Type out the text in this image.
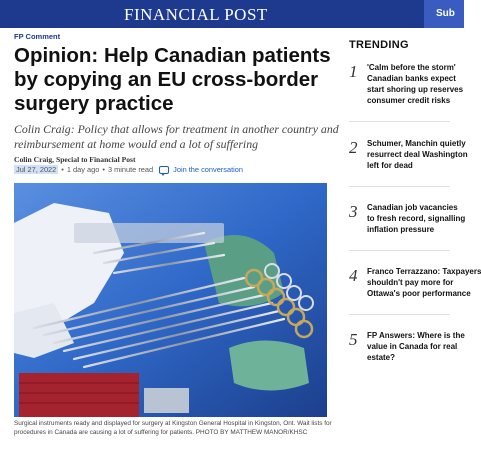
FINANCIAL POST	Sub
FP Comment
Opinion: Help Canadian patients by copying an EU cross-border surgery practice

Colin Craig: Policy that allows for treatment in another country and reimbursement at home would end a lot of suffering

Colin Craig, Special to Financial Post
Jul 27, 2022 • 1 day ago • 3 minute read	Join the conversation

Surgical instruments ready and displayed for surgery at Kingston General Hospital in Kingston, Ont. Wait lists for procedures in Canada are causing a lot of suffering for patients. PHOTO BY MATTHEW MANOR/KHSC

TRENDING
1 'Calm before the storm'
Canadian banks expect
start shoring up reserves
consumer credit risks
2 Schumer, Manchin quietly
resurrect deal Washington
left for dead
3 Canadian job vacancies
to fresh record, signalling
inflation pressure
4 Franco Terrazzano: Taxpayers
shouldn't pay more for
Ottawa's poor performance
5 FP Answers: Where is the
value in Canada for real
estate?
